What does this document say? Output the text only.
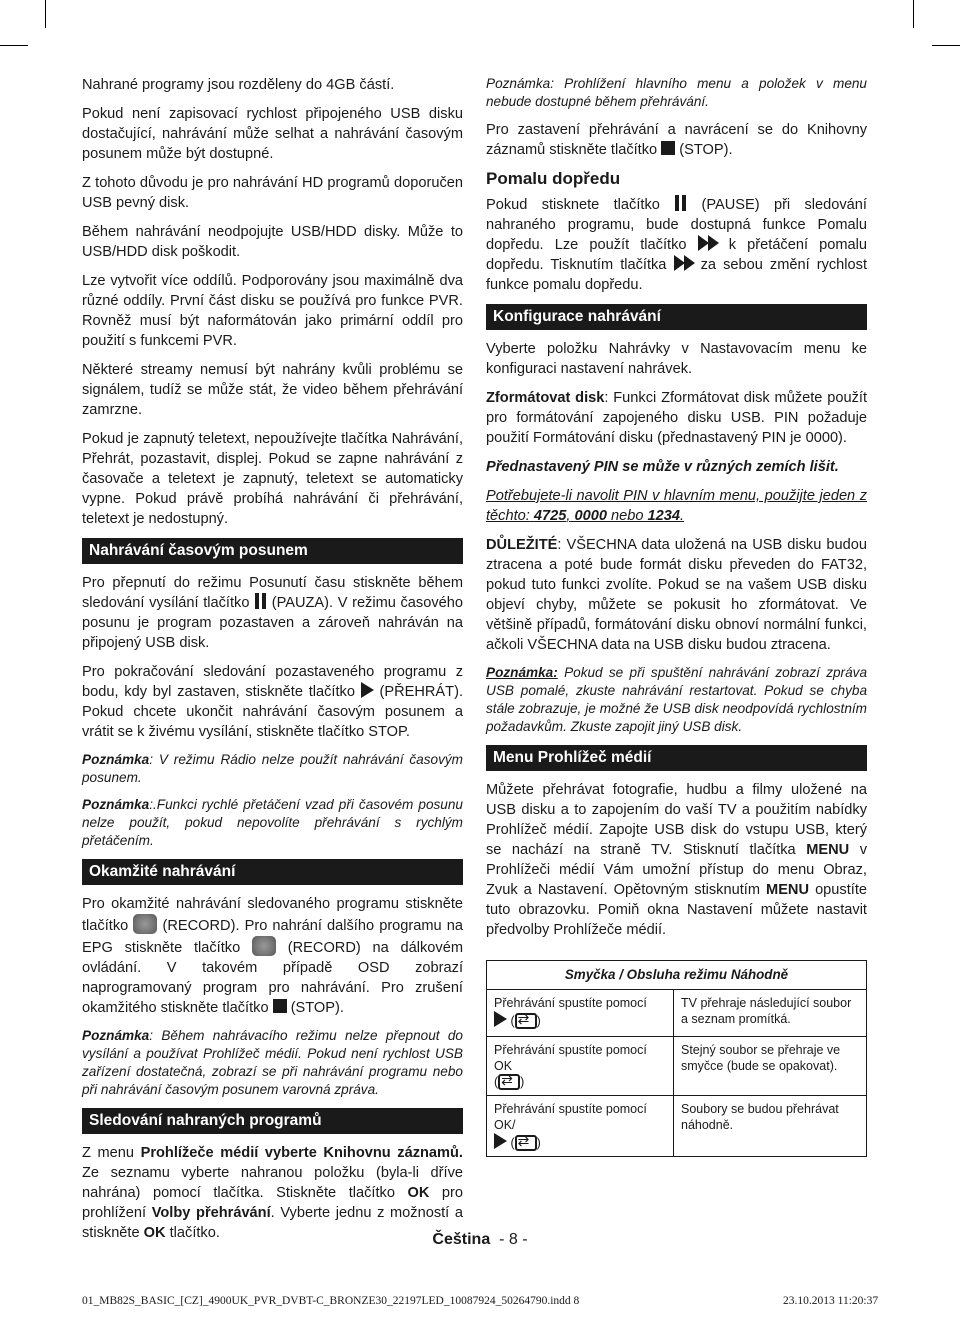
Nahrané programy jsou rozděleny do 4GB částí.

Pokud není zapisovací rychlost připojeného USB disku dostačující, nahrávání může selhat a nahrávání časovým posunem může být dostupné.

Z tohoto důvodu je pro nahrávání HD programů doporučen USB pevný disk.

Během nahrávání neodpojujte USB/HDD disky. Může to USB/HDD disk poškodit.

Lze vytvořit více oddílů. Podporovány jsou maximálně dva různé oddíly. První část disku se používá pro funkce PVR. Rovněž musí být naformátován jako primární oddíl pro použití s funkcemi PVR.

Některé streamy nemusí být nahrány kvůli problému se signálem, tudíž se může stát, že video během přehrávání zamrzne.

Pokud je zapnutý teletext, nepoužívejte tlačítka Nahrávání, Přehrát, pozastavit, displej. Pokud se zapne nahrávání z časovače a teletext je zapnutý, teletext se automaticky vypne. Pokud právě probíhá nahrávání či přehrávání, teletext je nedostupný.

Nahrávání časovým posunem

Pro přepnutí do režimu Posunutí času stiskněte během sledování vysílání tlačítko (PAUZA). V režimu časového posunu je program pozastaven a zároveň nahráván na připojený USB disk.

Pro pokračování sledování pozastaveného programu z bodu, kdy byl zastaven, stiskněte tlačítko (PŘEHRÁT). Pokud chcete ukončit nahrávání časovým posunem a vrátit se k živému vysílání, stiskněte tlačítko STOP.

Poznámka: V režimu Rádio nelze použít nahrávání časovým posunem.

Poznámka:.Funkci rychlé přetáčení vzad při časovém posunu nelze použít, pokud nepovolíte přehrávání s rychlým přetáčením.

Okamžité nahrávání

Pro okamžité nahrávání sledovaného programu stiskněte tlačítko (RECORD). Pro nahrání dalšího programu na EPG stiskněte tlačítko	(RECORD) na dálkovém ovládání. V takovém případě OSD zobrazí naprogramovaný program pro nahrávání. Pro zrušení okamžitého stiskněte tlačítko (STOP).

Poznámka: Během nahrávacího režimu nelze přepnout do vysílání a používat Prohlížeč médií. Pokud není rychlost USB zařízení dostatečná, zobrazí se při nahrávání programu nebo při nahrávání časovým posunem varovná zpráva.

Sledování nahraných programů

Z menu Prohlížeče médií vyberte Knihovnu záznamů. Ze seznamu vyberte nahranou položku (byla-li dříve nahrána) pomocí tlačítka. Stiskněte tlačítko OK pro prohlížení Volby přehrávání. Vyberte jednu z možností a stiskněte OK tlačítko.

Poznámka: Prohlížení hlavního menu a položek v menu nebude dostupné během přehrávání.

Pro zastavení přehrávání a navrácení se do Knihovny záznamů stiskněte tlačítko (STOP).

Pomalu dopředu

Pokud stisknete tlačítko	(PAUSE) při sledování nahraného programu, bude dostupná funkce Pomalu dopředu. Lze použít tlačítko	k přetáčení pomalu dopředu. Tisknutím tlačítka za sebou změní rychlost funkce pomalu dopředu.

Konfigurace nahrávání

Vyberte položku Nahrávky v Nastavovacím menu ke konfiguraci nastavení nahrávek.

Zformátovat disk: Funkci Zformátovat disk můžete použít pro formátování zapojeného disku USB. PIN požaduje použití Formátování disku (přednastavený PIN je 0000).

Přednastavený PIN se může v různých zemích lišit.

Potřebujete-li navolit PIN v hlavním menu, použijte jeden z těchto: 4725, 0000 nebo 1234.

DŮLEŽITÉ: VŠECHNA data uložená na USB disku budou ztracena a poté bude formát disku převeden do FAT32, pokud tuto funkci zvolíte. Pokud se na vašem USB disku objeví chyby, můžete se pokusit ho zformátovat. Ve většině případů, formátování disku obnoví normální funkci, ačkoli VŠECHNA data na USB disku budou ztracena.

Poznámka: Pokud se při spuštění nahrávání zobrazí zpráva USB pomalé, zkuste nahrávání restartovat. Pokud se chyba stále zobrazuje, je možné že USB disk neodpovídá rychlostním požadavkům. Zkuste zapojit jiný USB disk.

Menu Prohlížeč médií

Můžete přehrávat fotografie, hudbu a filmy uložené na USB disku a to zapojením do vaší TV a použitím nabídky Prohlížeč médií. Zapojte USB disk do vstupu USB, který se nachází na straně TV. Stisknutí tlačítka MENU v Prohlížeči médií Vám umožní přístup do menu Obraz, Zvuk a Nastavení. Opětovným stisknutím MENU opustíte tuto obrazovku. Pomiň okna Nastavení můžete nastavit předvolby Prohlížeče médií.

Smyčka / Obsluha režimu Náhodně	
Přehrávání spustíte pomocí
( ⇄ )	TV přehraje následující soubor a seznam promítká.
Přehrávání spustíte pomocí OK
( ⇄ )	Stejný soubor se přehraje ve smyčce (bude se opakovat).
Přehrávání spustíte pomocí OK/
( ⇄ )	Soubory se budou přehrávat náhodně.
Čeština - 8 -
01_MB82S_BASIC_[CZ]_4900UK_PVR_DVBT-C_BRONZE30_22197LED_10087924_50264790.indd 8	23.10.2013 11:20:37
